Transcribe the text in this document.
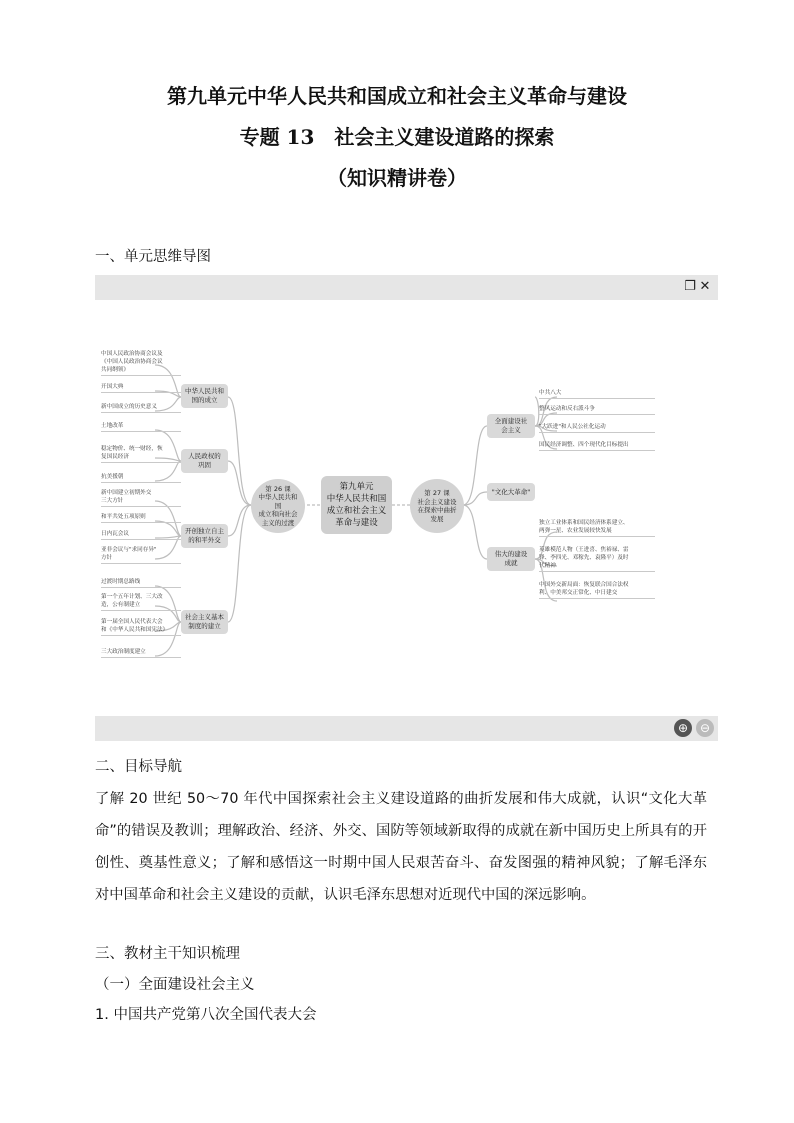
第九单元中华人民共和国成立和社会主义革命与建设
专题 13　社会主义建设道路的探索
（知识精讲卷）
一、单元思维导图
❐ ✕
第九单元
中华人民共和国
成立和社会主义
革命与建设
第 26 课
中华人民共和国
成立和向社会
主义的过渡
第 27 课
社会主义建设
在探索中曲折
发展
中华人民共和
国的成立
人民政权的
巩固
开创独立自主
的和平外交
社会主义基本
制度的建立
中国人民政治协商会议及
《中国人民政治协商会议
共同纲领》
开国大典
新中国成立的历史意义
土地改革
稳定物价、统一财经，恢
复国民经济
抗美援朝
新中国建立初期外交
三大方针
和平共处五项原则
日内瓦会议
亚非会议与"求同存异"
方针
过渡时期总路线
第一个五年计划、三大改
造，公有制建立
第一届全国人民代表大会
和《中华人民共和国宪法》
三大政治制度建立
全面建设社
会主义
"文化大革命"
伟大的建设
成就
中共八大
整风运动和反右派斗争
"大跃进"和人民公社化运动
国民经济调整、四个现代化目标提出
独立工业体系和国民经济体系建立、
两弹一星、农业发展较快发展
英雄模范人物（王进喜、焦裕禄、雷
锋、李四光、邓稼先、袁隆平）及时
代精神
中国外交新局面：恢复联合国合法权
利、中美邦交正常化、中日建交
⊕ ⊖
二、目标导航
了解 20 世纪 50～70 年代中国探索社会主义建设道路的曲折发展和伟大成就，认识“文化大革命”的错误及教训；理解政治、经济、外交、国防等领域新取得的成就在新中国历史上所具有的开创性、奠基性意义；了解和感悟这一时期中国人民艰苦奋斗、奋发图强的精神风貌；了解毛泽东对中国革命和社会主义建设的贡献，认识毛泽东思想对近现代中国的深远影响。
三、教材主干知识梳理
（一）全面建设社会主义
1. 中国共产党第八次全国代表大会
